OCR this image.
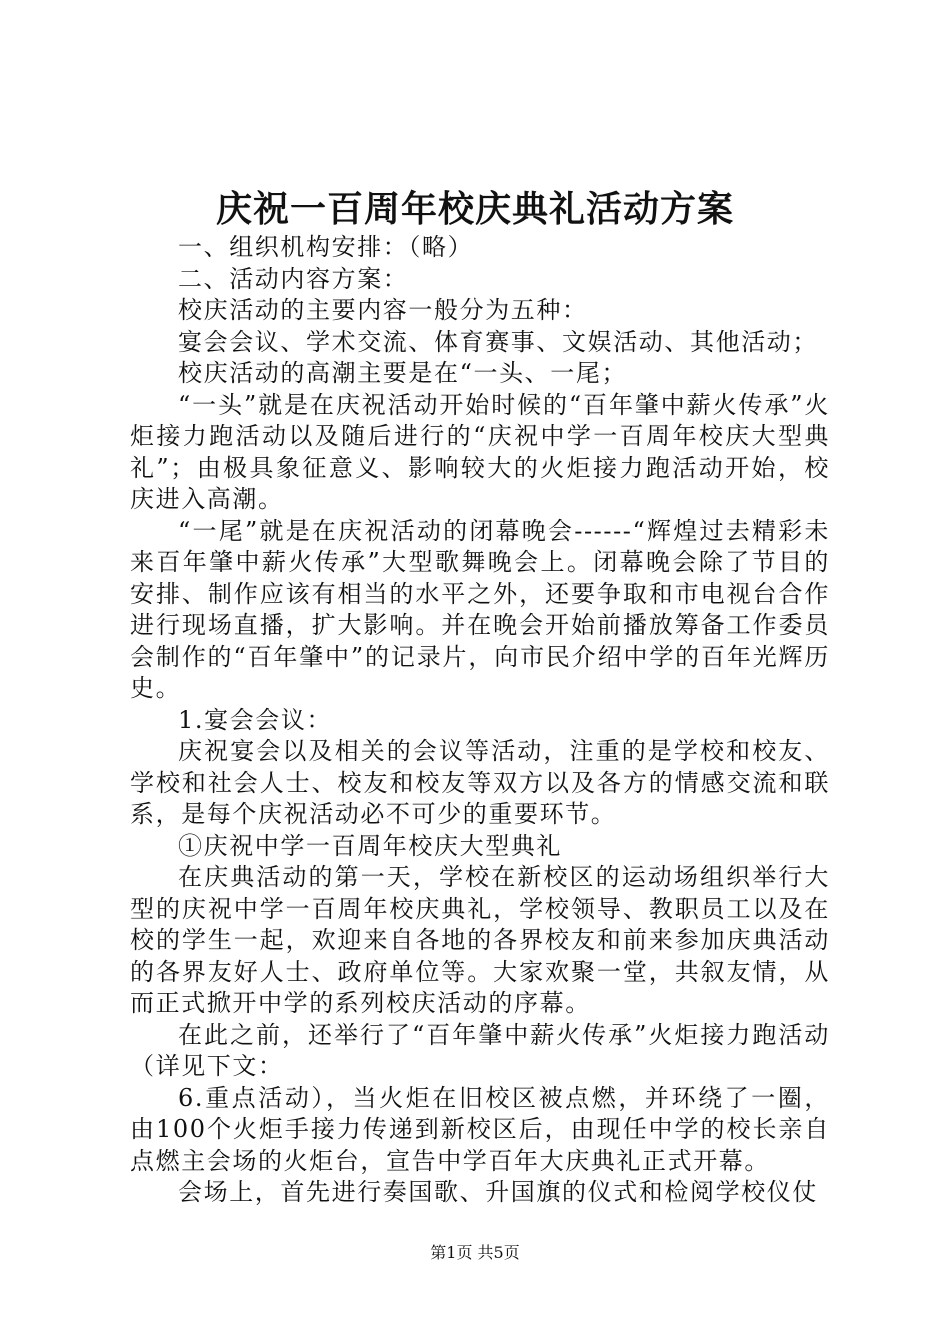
庆祝一百周年校庆典礼活动方案

一、组织机构安排：（略）

二、活动内容方案：

校庆活动的主要内容一般分为五种：

宴会会议、学术交流、体育赛事、文娱活动、其他活动；

校庆活动的高潮主要是在“一头、一尾；

“一头”就是在庆祝活动开始时候的“百年肇中薪火传承”火炬接力跑活动以及随后进行的“庆祝中学一百周年校庆大型典礼”；由极具象征意义、影响较大的火炬接力跑活动开始，校庆进入高潮。

“一尾”就是在庆祝活动的闭幕晚会------“辉煌过去精彩未来百年肇中薪火传承”大型歌舞晚会上。闭幕晚会除了节目的安排、制作应该有相当的水平之外，还要争取和市电视台合作进行现场直播，扩大影响。并在晚会开始前播放筹备工作委员会制作的“百年肇中”的记录片，向市民介绍中学的百年光辉历史。

1.宴会会议：

庆祝宴会以及相关的会议等活动，注重的是学校和校友、学校和社会人士、校友和校友等双方以及各方的情感交流和联系，是每个庆祝活动必不可少的重要环节。

①庆祝中学一百周年校庆大型典礼

在庆典活动的第一天，学校在新校区的运动场组织举行大型的庆祝中学一百周年校庆典礼，学校领导、教职员工以及在校的学生一起，欢迎来自各地的各界校友和前来参加庆典活动的各界友好人士、政府单位等。大家欢聚一堂，共叙友情，从而正式掀开中学的系列校庆活动的序幕。

在此之前，还举行了“百年肇中薪火传承”火炬接力跑活动（详见下文：

6.重点活动），当火炬在旧校区被点燃，并环绕了一圈，由100个火炬手接力传递到新校区后，由现任中学的校长亲自点燃主会场的火炬台，宣告中学百年大庆典礼正式开幕。

会场上，首先进行奏国歌、升国旗的仪式和检阅学校仪仗

第1页 共5页
